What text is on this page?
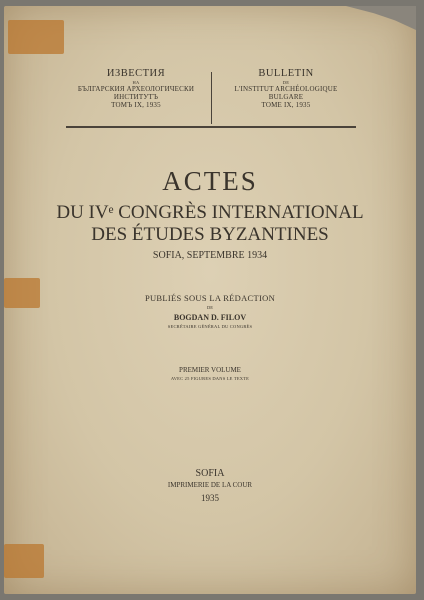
ИЗВЕСТИЯ
НА
БЪЛГАРСКИЯ АРХЕОЛОГИЧЕСКИ
ИНСТИТУТЪ
ТОМЪ IX, 1935
BULLETIN
DE
L'INSTITUT ARCHÉOLOGIQUE
BULGARE
TOME IX, 1935
ACTES
DU IVᵉ CONGRÈS INTERNATIONAL
DES ÉTUDES BYZANTINES
SOFIA, SEPTEMBRE 1934
PUBLIÉS SOUS LA RÉDACTION
DE
BOGDAN D. FILOV
SECRÉTAIRE GÉNÉRAL DU CONGRÈS
PREMIER VOLUME
AVEC 25 FIGURES DANS LE TEXTE
SOFIA
IMPRIMERIE DE LA COUR
1935
